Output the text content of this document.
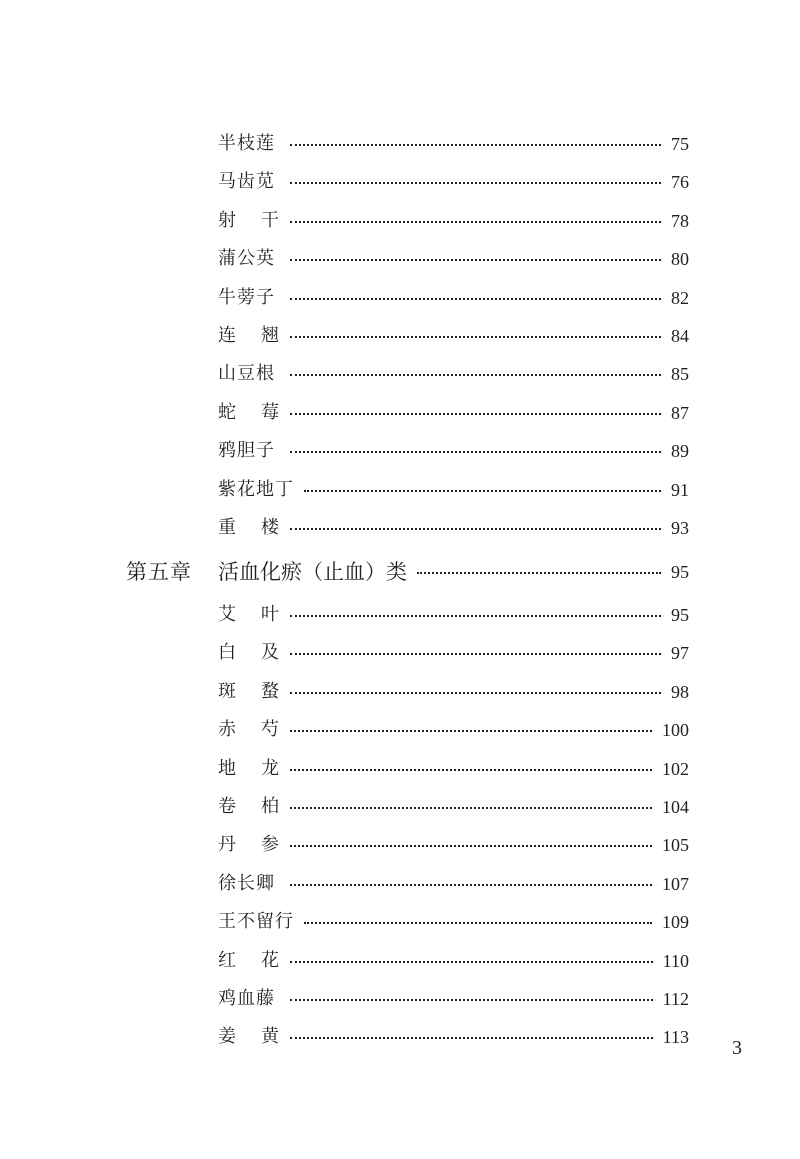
半枝莲	75
马齿苋	76
射 干	78
蒲公英	80
牛蒡子	82
连 翘	84
山豆根	85
蛇 莓	87
鸦胆子	89
紫花地丁	91
重 楼	93
第五章 活血化瘀（止血）类	95
艾 叶	95
白 及	97
斑 蝥	98
赤 芍	100
地 龙	102
卷 柏	104
丹 参	105
徐长卿	107
王不留行	109
红 花	110
鸡血藤	112
姜 黄	113 3
